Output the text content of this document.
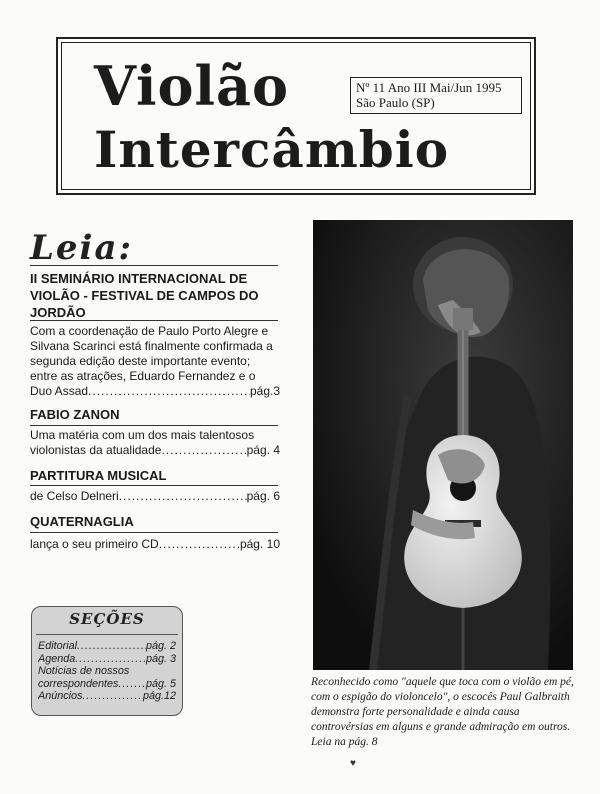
Violão
Intercâmbio
Nº 11 Ano III Mai/Jun 1995
São Paulo (SP)
Leia:
II SEMINÁRIO INTERNACIONAL DE VIOLÃO - FESTIVAL DE CAMPOS DO JORDÃO
Com a coordenação de Paulo Porto Alegre e Silvana Scarinci está finalmente confirmada a segunda edição deste importante evento; entre as atrações, Eduardo Fernandez e o
Duo Assad .....	pág.3
FABIO ZANON
Uma matéria com um dos mais talentosos
violonistas da atualidade .....	pág. 4
PARTITURA MUSICAL
de Celso Delneri .....	pág. 6
QUATERNAGLIA
lança o seu primeiro CD .....	pág. 10
Reconhecido como "aquele que toca com o violão em pé, com o espigão do violoncelo", o escocês Paul Galbraith demonstra forte personalidade e ainda causa controvérsias em alguns e grande admiração em outros. Leia na pág. 8
SEÇÕES
Editorial .....	pág. 2
Agenda .....	pág. 3
Notícias de nossos
correspondentes .....	pág. 5
Anúncios .....	pág.12
♥
